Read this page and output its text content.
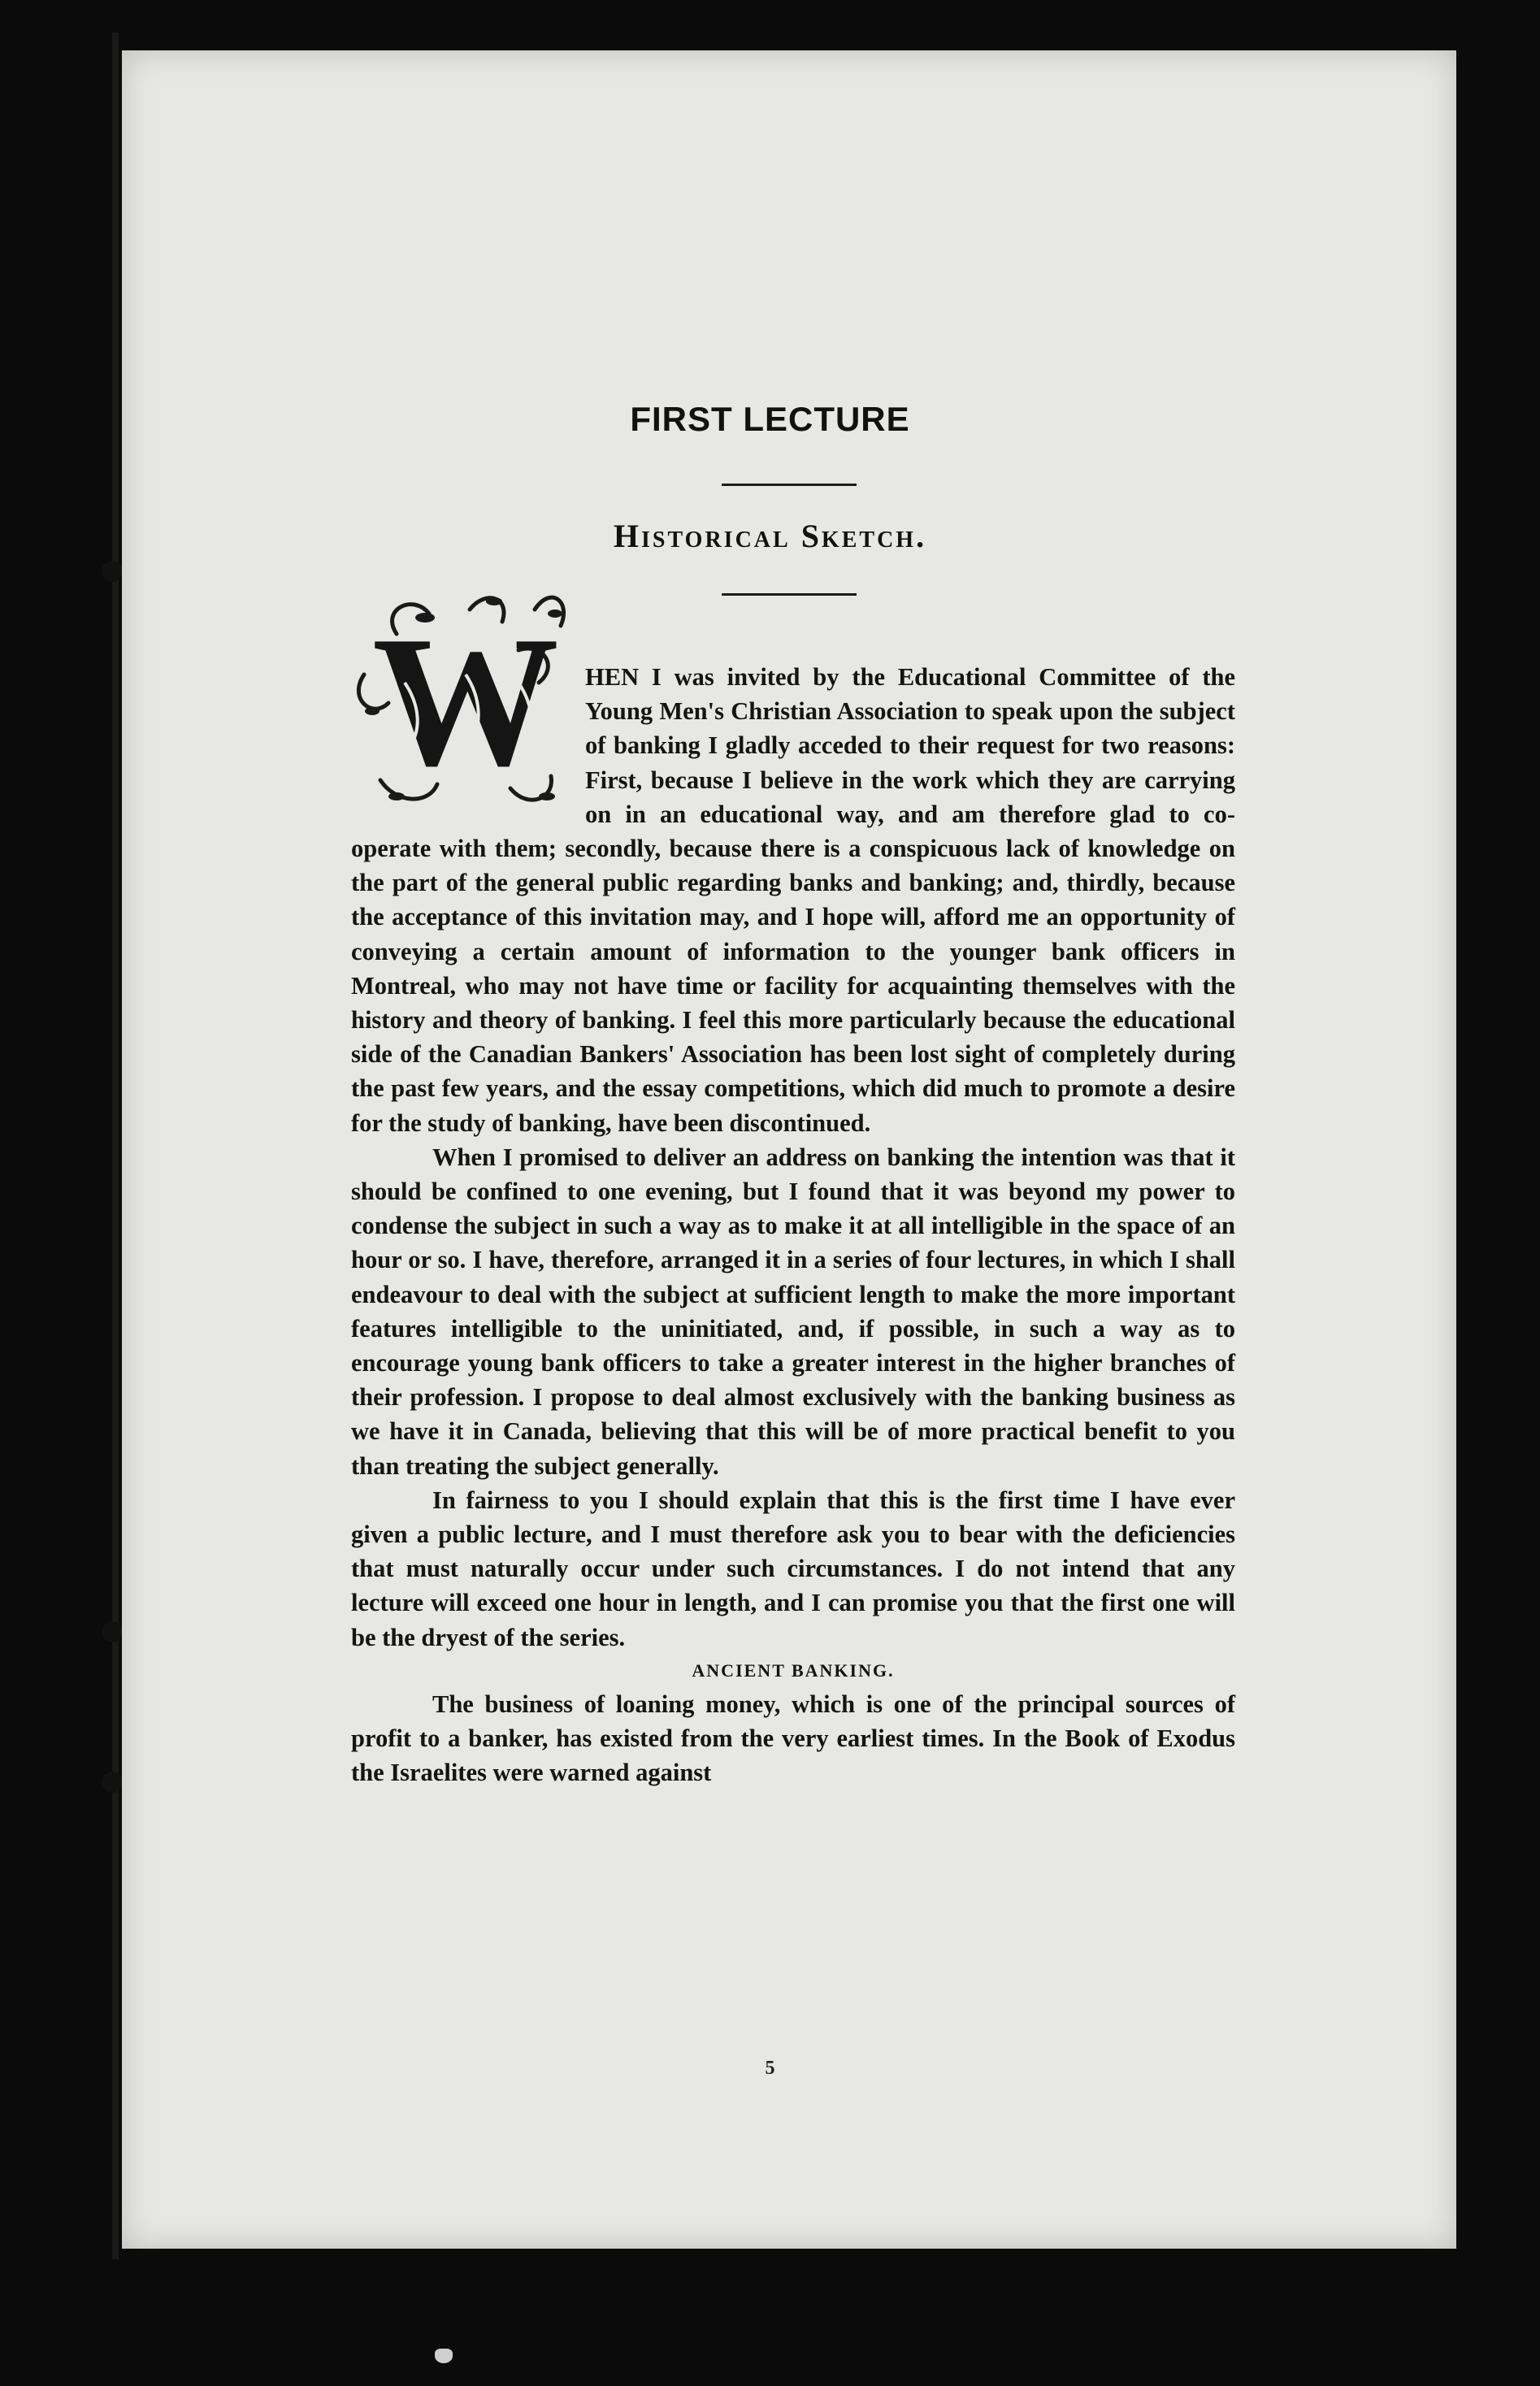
FIRST LECTURE
Historical Sketch.
W	HEN I was invited by the Educational Committee of the Young Men's Christian Association to speak upon the subject of banking I gladly acceded to their request for two reasons: First, because I believe in the work which they are carrying on in an educational way, and am therefore glad to co-operate with them; secondly, because there is a conspicuous lack of knowledge on the part of the general public regarding banks and banking; and, thirdly, because the acceptance of this invitation may, and I hope will, afford me an opportunity of conveying a certain amount of information to the younger bank officers in Montreal, who may not have time or facility for acquainting themselves with the history and theory of banking. I feel this more particularly because the educational side of the Canadian Bankers' Association has been lost sight of completely during the past few years, and the essay competitions, which did much to promote a desire for the study of banking, have been discontinued.

When I promised to deliver an address on banking the intention was that it should be confined to one evening, but I found that it was beyond my power to condense the subject in such a way as to make it at all intelligible in the space of an hour or so. I have, therefore, arranged it in a series of four lectures, in which I shall endeavour to deal with the subject at sufficient length to make the more important features intelligible to the uninitiated, and, if possible, in such a way as to encourage young bank officers to take a greater interest in the higher branches of their profession. I propose to deal almost exclusively with the banking business as we have it in Canada, believing that this will be of more practical benefit to you than treating the subject generally.

In fairness to you I should explain that this is the first time I have ever given a public lecture, and I must therefore ask you to bear with the deficiencies that must naturally occur under such circumstances. I do not intend that any lecture will exceed one hour in length, and I can promise you that the first one will be the dryest of the series.

ANCIENT BANKING.

The business of loaning money, which is one of the principal sources of profit to a banker, has existed from the very earliest times. In the Book of Exodus the Israelites were warned against

5
